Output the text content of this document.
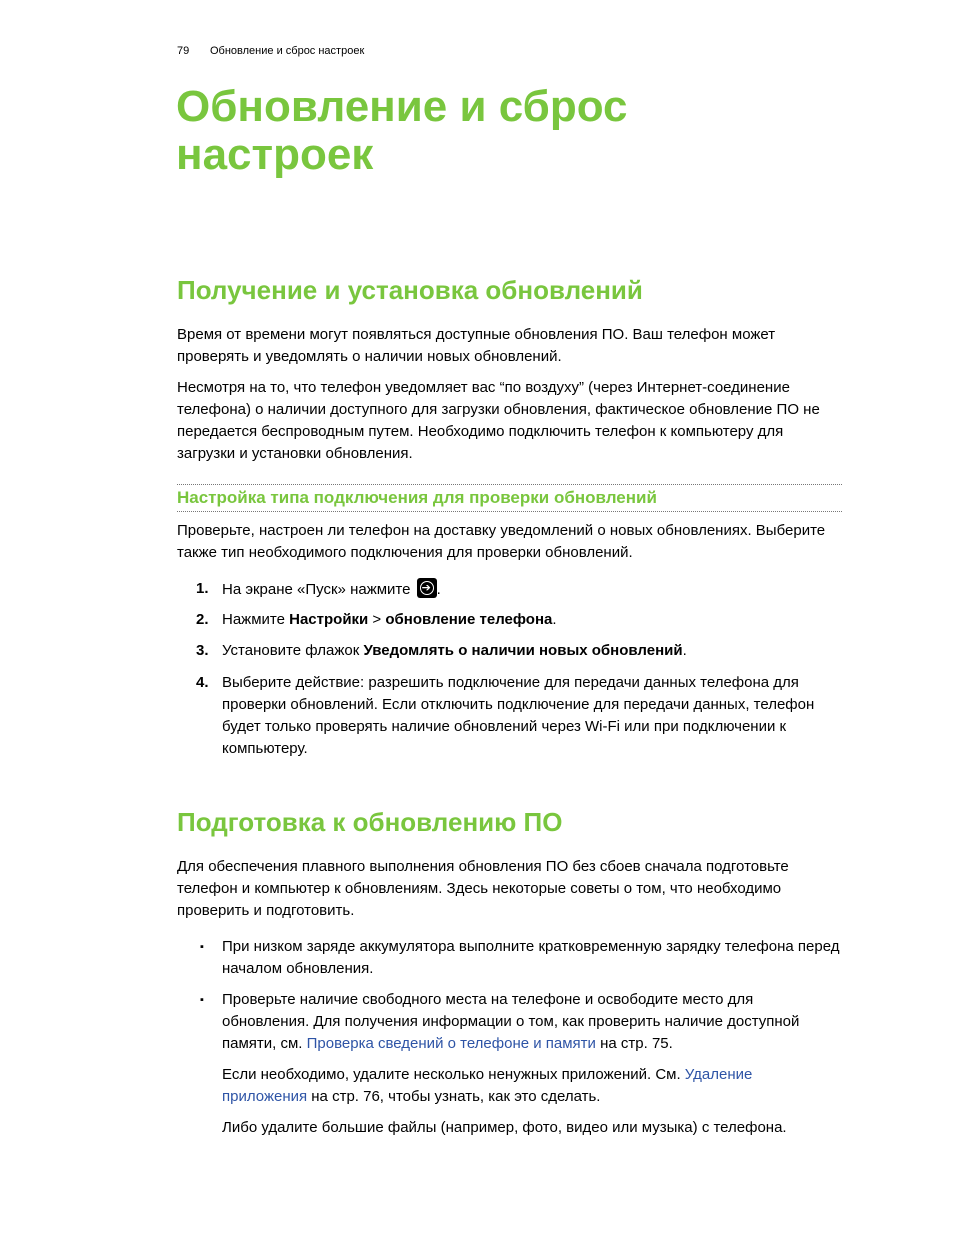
79 Обновление и сброс настроек
Обновление и сброс настроек
Получение и установка обновлений

Время от времени могут появляться доступные обновления ПО. Ваш телефон может проверять и уведомлять о наличии новых обновлений.

Несмотря на то, что телефон уведомляет вас “по воздуху” (через Интернет-соединение телефона) о наличии доступного для загрузки обновления, фактическое обновление ПО не передается беспроводным путем. Необходимо подключить телефон к компьютеру для загрузки и установки обновления.

Настройка типа подключения для проверки обновлений

Проверьте, настроен ли телефон на доставку уведомлений о новых обновлениях. Выберите также тип необходимого подключения для проверки обновлений.

1. На экране «Пуск» нажмите ➔ .
2. Нажмите Настройки > обновление телефона.
3. Установите флажок Уведомлять о наличии новых обновлений.
4. Выберите действие: разрешить подключение для передачи данных телефона для проверки обновлений. Если отключить подключение для передачи данных, телефон будет только проверять наличие обновлений через Wi-Fi или при подключении к компьютеру.
Подготовка к обновлению ПО

Для обеспечения плавного выполнения обновления ПО без сбоев сначала подготовьте телефон и компьютер к обновлениям. Здесь некоторые советы о том, что необходимо проверить и подготовить.

▪ При низком заряде аккумулятора выполните кратковременную зарядку телефона перед началом обновления.
▪ Проверьте наличие свободного места на телефоне и освободите место для обновления. Для получения информации о том, как проверить наличие доступной памяти, см. Проверка сведений о телефоне и памяти на стр. 75.
Если необходимо, удалите несколько ненужных приложений. См. Удаление приложения на стр. 76, чтобы узнать, как это сделать.
Либо удалите большие файлы (например, фото, видео или музыка) с телефона.
